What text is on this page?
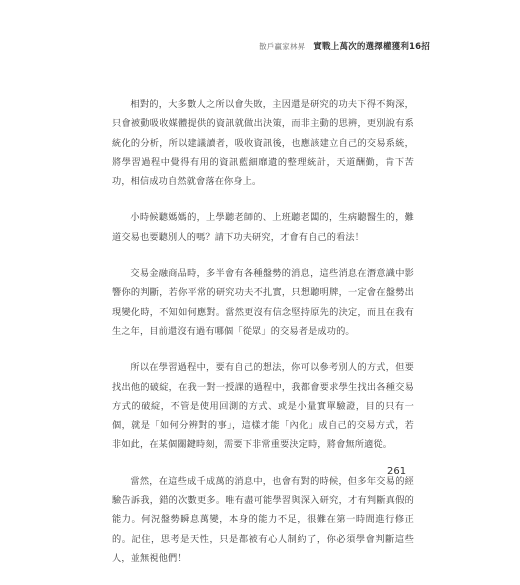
散戶贏家林昇 實戰上萬次的選擇權獲利16招

相對的，大多數人之所以會失敗，主因還是研究的功夫下得不夠深，只會被動吸收媒體提供的資訊就做出決策，而非主動的思辨，更別說有系統化的分析，所以建議讀者，吸收資訊後，也應該建立自己的交易系統，將學習過程中覺得有用的資訊藍細靡遺的整理統計，天道酬勤，肯下苦功，相信成功自然就會落在你身上。

小時候聽媽媽的，上學聽老師的、上班聽老闆的，生病聽醫生的，難道交易也要聽別人的嗎？請下功夫研究，才會有自己的看法！

交易金融商品時，多半會有各種盤勢的消息，這些消息在潛意識中影響你的判斷，若你平常的研究功夫不扎實，只想聽明牌，一定會在盤勢出現變化時，不知如何應對。當然更沒有信念堅持原先的決定，而且在我有生之年，目前還沒有過有哪個「從眾」的交易者是成功的。

所以在學習過程中，要有自己的想法，你可以參考別人的方式，但要找出他的破綻，在我一對一授課的過程中，我都會要求學生找出各種交易方式的破綻，不管是使用回測的方式、或是小量實單驗證，目的只有一個，就是「如何分辨對的事」，這樣才能「內化」成自己的交易方式，若非如此，在某個關鍵時刻，需要下非常重要決定時，將會無所適從。

當然，在這些成千成萬的消息中，也會有對的時候，但多年交易的經驗告訴我，錯的次數更多。唯有盡可能學習與深入研究，才有判斷真假的能力。何況盤勢瞬息萬變，本身的能力不足，很難在第一時間進行修正的。記住，思考是天性，只是都被有心人制約了，你必須學會判斷這些人，並無視他們！

261
